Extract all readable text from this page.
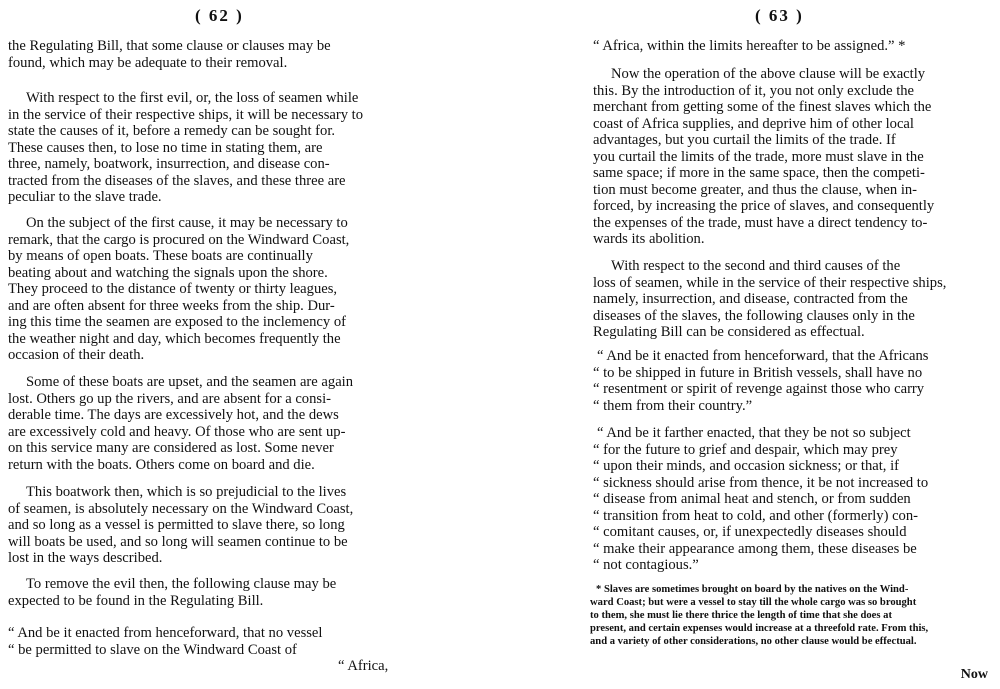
( 62 )
the Regulating Bill, that some clause or clauses may be
found, which may be adequate to their removal.
With respect to the first evil, or, the loss of seamen while
in the service of their respective ships, it will be necessary to
state the causes of it, before a remedy can be sought for.
These causes then, to lose no time in stating them, are
three, namely, boatwork, insurrection, and disease con-
tracted from the diseases of the slaves, and these three are
peculiar to the slave trade.
On the subject of the first cause, it may be necessary to
remark, that the cargo is procured on the Windward Coast,
by means of open boats. These boats are continually
beating about and watching the signals upon the shore.
They proceed to the distance of twenty or thirty leagues,
and are often absent for three weeks from the ship. Dur-
ing this time the seamen are exposed to the inclemency of
the weather night and day, which becomes frequently the
occasion of their death.
Some of these boats are upset, and the seamen are again
lost. Others go up the rivers, and are absent for a consi-
derable time. The days are excessively hot, and the dews
are excessively cold and heavy. Of those who are sent up-
on this service many are considered as lost. Some never
return with the boats. Others come on board and die.
This boatwork then, which is so prejudicial to the lives
of seamen, is absolutely necessary on the Windward Coast,
and so long as a vessel is permitted to slave there, so long
will boats be used, and so long will seamen continue to be
lost in the ways described.
To remove the evil then, the following clause may be
expected to be found in the Regulating Bill.
“ And be it enacted from henceforward, that no vessel
“ be permitted to slave on the Windward Coast of
“ Africa,
( 63 )
“ Africa, within the limits hereafter to be assigned.” *
Now the operation of the above clause will be exactly
this. By the introduction of it, you not only exclude the
merchant from getting some of the finest slaves which the
coast of Africa supplies, and deprive him of other local
advantages, but you curtail the limits of the trade. If
you curtail the limits of the trade, more must slave in the
same space; if more in the same space, then the competi-
tion must become greater, and thus the clause, when in-
forced, by increasing the price of slaves, and consequently
the expenses of the trade, must have a direct tendency to-
wards its abolition.
With respect to the second and third causes of the
loss of seamen, while in the service of their respective ships,
namely, insurrection, and disease, contracted from the
diseases of the slaves, the following clauses only in the
Regulating Bill can be considered as effectual.
“ And be it enacted from henceforward, that the Africans
“ to be shipped in future in British vessels, shall have no
“ resentment or spirit of revenge against those who carry
“ them from their country.”
“ And be it farther enacted, that they be not so subject
“ for the future to grief and despair, which may prey
“ upon their minds, and occasion sickness; or that, if
“ sickness should arise from thence, it be not increased to
“ disease from animal heat and stench, or from sudden
“ transition from heat to cold, and other (formerly) con-
“ comitant causes, or, if unexpectedly diseases should
“ make their appearance among them, these diseases be
“ not contagious.”
* Slaves are sometimes brought on board by the natives on the Wind-
ward Coast; but were a vessel to stay till the whole cargo was so brought
to them, she must lie there thrice the length of time that she does at
present, and certain expenses would increase at a threefold rate. From this,
and a variety of other considerations, no other clause would be effectual.
Now
